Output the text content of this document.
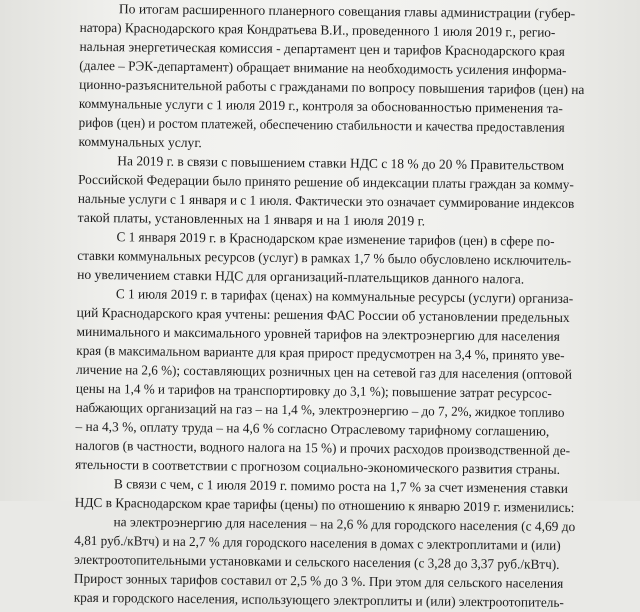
По итогам расширенного планерного совещания главы администрации (губер-
натора) Краснодарского края Кондратьева В.И., проведенного 1 июля 2019 г., регио-
нальная энергетическая комиссия - департамент цен и тарифов Краснодарского края
(далее – РЭК-департамент) обращает внимание на необходимость усиления информа-
ционно-разъяснительной работы с гражданами по вопросу повышения тарифов (цен) на
коммунальные услуги с 1 июля 2019 г., контроля за обоснованностью применения та-
рифов (цен) и ростом платежей, обеспечению стабильности и качества предоставления
коммунальных услуг.
На 2019 г. в связи с повышением ставки НДС с 18 % до 20 % Правительством
Российской Федерации было принято решение об индексации платы граждан за комму-
нальные услуги с 1 января и с 1 июля. Фактически это означает суммирование индексов
такой платы, установленных на 1 января и на 1 июля 2019 г.
С 1 января 2019 г. в Краснодарском крае изменение тарифов (цен) в сфере по-
ставки коммунальных ресурсов (услуг) в рамках 1,7 % было обусловлено исключитель-
но увеличением ставки НДС для организаций-плательщиков данного налога.
С 1 июля 2019 г. в тарифах (ценах) на коммунальные ресурсы (услуги) организа-
ций Краснодарского края учтены: решения ФАС России об установлении предельных
минимального и максимального уровней тарифов на электроэнергию для населения
края (в максимальном варианте для края прирост предусмотрен на 3,4 %, принято уве-
личение на 2,6 %); составляющих розничных цен на сетевой газ для населения (оптовой
цены на 1,4 % и тарифов на транспортировку до 3,1 %); повышение затрат ресурсос-
набжающих организаций на газ – на 1,4 %, электроэнергию – до 7, 2%, жидкое топливо
– на 4,3 %, оплату труда – на 4,6 % согласно Отраслевому тарифному соглашению,
налогов (в частности, водного налога на 15 %) и прочих расходов производственной де-
ятельности в соответствии с прогнозом социально-экономического развития страны.
В связи с чем, с 1 июля 2019 г. помимо роста на 1,7 % за счет изменения ставки
НДС в Краснодарском крае тарифы (цены) по отношению к январю 2019 г. изменились:
на электроэнергию для населения – на 2,6 % для городского населения (с 4,69 до
4,81 руб./кВтч) и на 2,7 % для городского населения в домах с электроплитами и (или)
электроотопительными установками и сельского населения (с 3,28 до 3,37 руб./кВтч).
Прирост зонных тарифов составил от 2,5 % до 3 %. При этом для сельского населения
края и городского населения, использующего электроплиты и (или) электроотопитель-
